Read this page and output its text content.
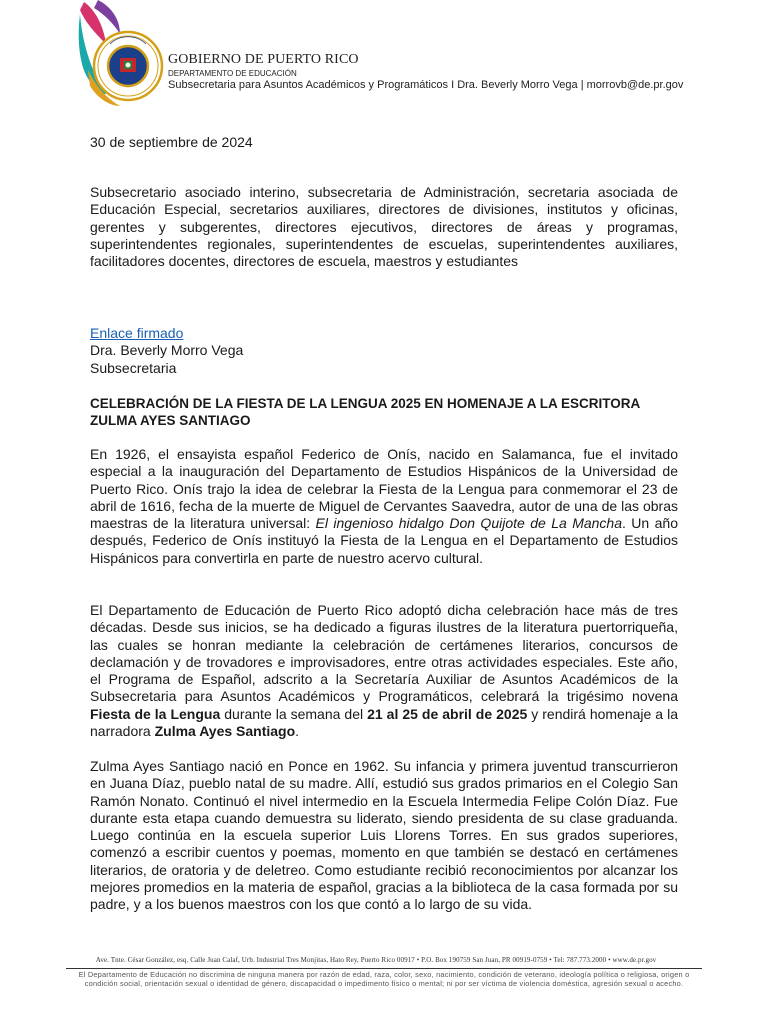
GOBIERNO DE PUERTO RICO
DEPARTAMENTO DE EDUCACIÓN
Subsecretaria para Asuntos Académicos y Programáticos I Dra. Beverly Morro Vega | morrovb@de.pr.gov
30 de septiembre de 2024
Subsecretario asociado interino, subsecretaria de Administración, secretaria asociada de Educación Especial, secretarios auxiliares, directores de divisiones, institutos y oficinas, gerentes y subgerentes, directores ejecutivos, directores de áreas y programas, superintendentes regionales, superintendentes de escuelas, superintendentes auxiliares, facilitadores docentes, directores de escuela, maestros y estudiantes
Enlace firmado
Dra. Beverly Morro Vega
Subsecretaria
CELEBRACIÓN DE LA FIESTA DE LA LENGUA 2025 EN HOMENAJE A LA ESCRITORA ZULMA AYES SANTIAGO
En 1926, el ensayista español Federico de Onís, nacido en Salamanca, fue el invitado especial a la inauguración del Departamento de Estudios Hispánicos de la Universidad de Puerto Rico. Onís trajo la idea de celebrar la Fiesta de la Lengua para conmemorar el 23 de abril de 1616, fecha de la muerte de Miguel de Cervantes Saavedra, autor de una de las obras maestras de la literatura universal: El ingenioso hidalgo Don Quijote de La Mancha. Un año después, Federico de Onís instituyó la Fiesta de la Lengua en el Departamento de Estudios Hispánicos para convertirla en parte de nuestro acervo cultural.
El Departamento de Educación de Puerto Rico adoptó dicha celebración hace más de tres décadas. Desde sus inicios, se ha dedicado a figuras ilustres de la literatura puertorriqueña, las cuales se honran mediante la celebración de certámenes literarios, concursos de declamación y de trovadores e improvisadores, entre otras actividades especiales. Este año, el Programa de Español, adscrito a la Secretaría Auxiliar de Asuntos Académicos de la Subsecretaria para Asuntos Académicos y Programáticos, celebrará la trigésimo novena Fiesta de la Lengua durante la semana del 21 al 25 de abril de 2025 y rendirá homenaje a la narradora Zulma Ayes Santiago.
Zulma Ayes Santiago nació en Ponce en 1962. Su infancia y primera juventud transcurrieron en Juana Díaz, pueblo natal de su madre. Allí, estudió sus grados primarios en el Colegio San Ramón Nonato. Continuó el nivel intermedio en la Escuela Intermedia Felipe Colón Díaz. Fue durante esta etapa cuando demuestra su liderato, siendo presidenta de su clase graduanda. Luego continúa en la escuela superior Luis Llorens Torres. En sus grados superiores, comenzó a escribir cuentos y poemas, momento en que también se destacó en certámenes literarios, de oratoria y de deletreo. Como estudiante recibió reconocimientos por alcanzar los mejores promedios en la materia de español, gracias a la biblioteca de la casa formada por su padre, y a los buenos maestros con los que contó a lo largo de su vida.
Ave. Tnte. César González, esq. Calle Juan Calaf, Urb. Industrial Tres Monjitas, Hato Rey, Puerto Rico 00917 • P.O. Box 190759 San Juan, PR 00919-0759 • Tel: 787.773.2000 • www.de.pr.gov
El Departamento de Educación no discrimina de ninguna manera por razón de edad, raza, color, sexo, nacimiento, condición de veterano, ideología política o religiosa, origen o condición social, orientación sexual o identidad de género, discapacidad o impedimento físico o mental; ni por ser víctima de violencia doméstica, agresión sexual o acecho.
